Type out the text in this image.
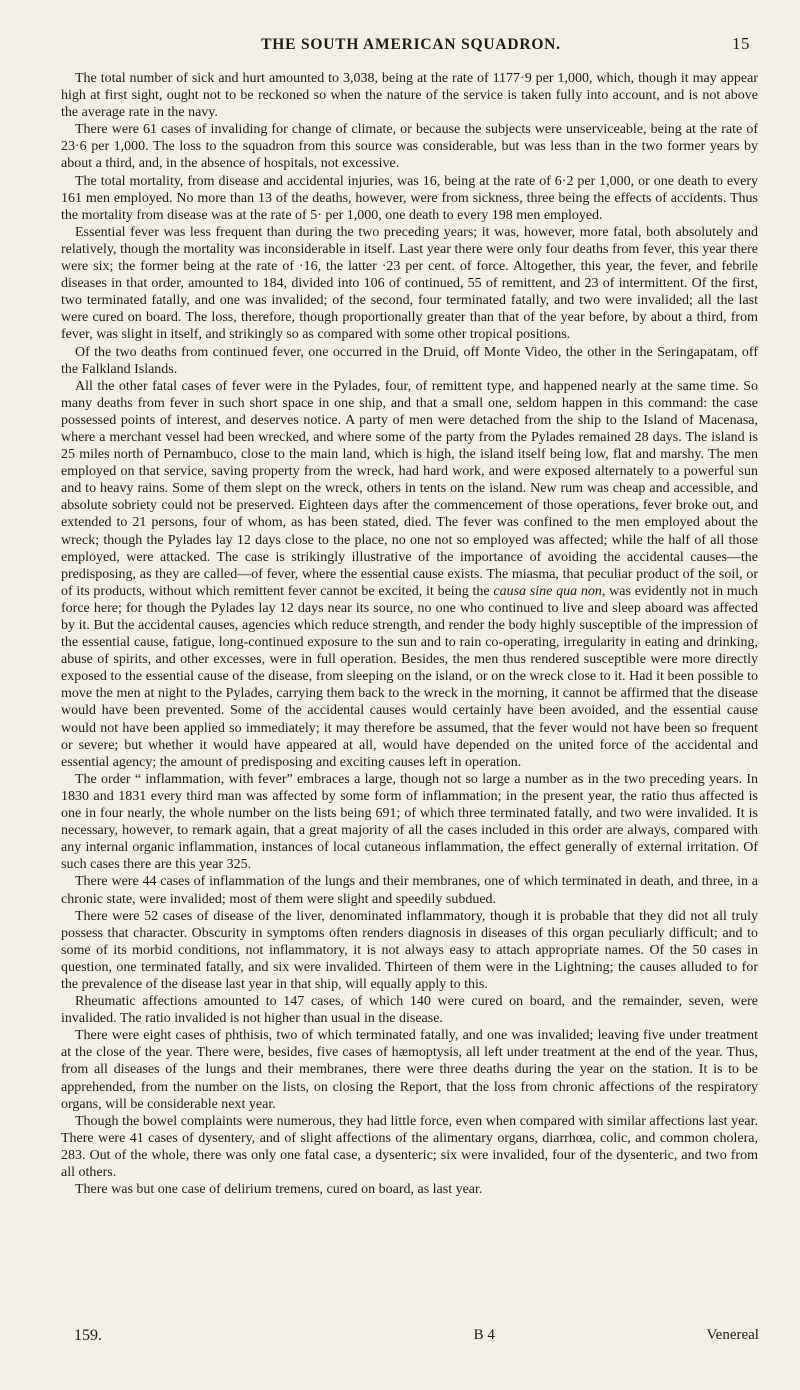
THE SOUTH AMERICAN SQUADRON.	15

The total number of sick and hurt amounted to 3,038, being at the rate of 1177·9 per 1,000, which, though it may appear high at first sight, ought not to be reckoned so when the nature of the service is taken fully into account, and is not above the average rate in the navy.

There were 61 cases of invaliding for change of climate, or because the subjects were unserviceable, being at the rate of 23·6 per 1,000. The loss to the squadron from this source was considerable, but was less than in the two former years by about a third, and, in the absence of hospitals, not excessive.

The total mortality, from disease and accidental injuries, was 16, being at the rate of 6·2 per 1,000, or one death to every 161 men employed. No more than 13 of the deaths, however, were from sickness, three being the effects of accidents. Thus the mortality from disease was at the rate of 5· per 1,000, one death to every 198 men employed.

Essential fever was less frequent than during the two preceding years; it was, however, more fatal, both absolutely and relatively, though the mortality was inconsiderable in itself. Last year there were only four deaths from fever, this year there were six; the former being at the rate of ·16, the latter ·23 per cent. of force. Altogether, this year, the fever, and febrile diseases in that order, amounted to 184, divided into 106 of continued, 55 of remittent, and 23 of intermittent. Of the first, two terminated fatally, and one was invalided; of the second, four terminated fatally, and two were invalided; all the last were cured on board. The loss, therefore, though proportionally greater than that of the year before, by about a third, from fever, was slight in itself, and strikingly so as compared with some other tropical positions.

Of the two deaths from continued fever, one occurred in the Druid, off Monte Video, the other in the Seringapatam, off the Falkland Islands.

All the other fatal cases of fever were in the Pylades, four, of remittent type, and happened nearly at the same time. So many deaths from fever in such short space in one ship, and that a small one, seldom happen in this command: the case possessed points of interest, and deserves notice. A party of men were detached from the ship to the Island of Macenasa, where a merchant vessel had been wrecked, and where some of the party from the Pylades remained 28 days. The island is 25 miles north of Pernambuco, close to the main land, which is high, the island itself being low, flat and marshy. The men employed on that service, saving property from the wreck, had hard work, and were exposed alternately to a powerful sun and to heavy rains. Some of them slept on the wreck, others in tents on the island. New rum was cheap and accessible, and absolute sobriety could not be preserved. Eighteen days after the commencement of those operations, fever broke out, and extended to 21 persons, four of whom, as has been stated, died. The fever was confined to the men employed about the wreck; though the Pylades lay 12 days close to the place, no one not so employed was affected; while the half of all those employed, were attacked. The case is strikingly illustrative of the importance of avoiding the accidental causes—the predisposing, as they are called—of fever, where the essential cause exists. The miasma, that peculiar product of the soil, or of its products, without which remittent fever cannot be excited, it being the causa sine qua non, was evidently not in much force here; for though the Pylades lay 12 days near its source, no one who continued to live and sleep aboard was affected by it. But the accidental causes, agencies which reduce strength, and render the body highly susceptible of the impression of the essential cause, fatigue, long-continued exposure to the sun and to rain co-operating, irregularity in eating and drinking, abuse of spirits, and other excesses, were in full operation. Besides, the men thus rendered susceptible were more directly exposed to the essential cause of the disease, from sleeping on the island, or on the wreck close to it. Had it been possible to move the men at night to the Pylades, carrying them back to the wreck in the morning, it cannot be affirmed that the disease would have been prevented. Some of the accidental causes would certainly have been avoided, and the essential cause would not have been applied so immediately; it may therefore be assumed, that the fever would not have been so frequent or severe; but whether it would have appeared at all, would have depended on the united force of the accidental and essential agency; the amount of predisposing and exciting causes left in operation.

The order “ inflammation, with fever” embraces a large, though not so large a number as in the two preceding years. In 1830 and 1831 every third man was affected by some form of inflammation; in the present year, the ratio thus affected is one in four nearly, the whole number on the lists being 691; of which three terminated fatally, and two were invalided. It is necessary, however, to remark again, that a great majority of all the cases included in this order are always, compared with any internal organic inflammation, instances of local cutaneous inflammation, the effect generally of external irritation. Of such cases there are this year 325.

There were 44 cases of inflammation of the lungs and their membranes, one of which terminated in death, and three, in a chronic state, were invalided; most of them were slight and speedily subdued.

There were 52 cases of disease of the liver, denominated inflammatory, though it is probable that they did not all truly possess that character. Obscurity in symptoms often renders diagnosis in diseases of this organ peculiarly difficult; and to some of its morbid conditions, not inflammatory, it is not always easy to attach appropriate names. Of the 50 cases in question, one terminated fatally, and six were invalided. Thirteen of them were in the Lightning; the causes alluded to for the prevalence of the disease last year in that ship, will equally apply to this.

Rheumatic affections amounted to 147 cases, of which 140 were cured on board, and the remainder, seven, were invalided. The ratio invalided is not higher than usual in the disease.

There were eight cases of phthisis, two of which terminated fatally, and one was invalided; leaving five under treatment at the close of the year. There were, besides, five cases of hæmoptysis, all left under treatment at the end of the year. Thus, from all diseases of the lungs and their membranes, there were three deaths during the year on the station. It is to be apprehended, from the number on the lists, on closing the Report, that the loss from chronic affections of the respiratory organs, will be considerable next year.

Though the bowel complaints were numerous, they had little force, even when compared with similar affections last year. There were 41 cases of dysentery, and of slight affections of the alimentary organs, diarrhœa, colic, and common cholera, 283. Out of the whole, there was only one fatal case, a dysenteric; six were invalided, four of the dysenteric, and two from all others.

There was but one case of delirium tremens, cured on board, as last year.

159.	B 4	Venereal
